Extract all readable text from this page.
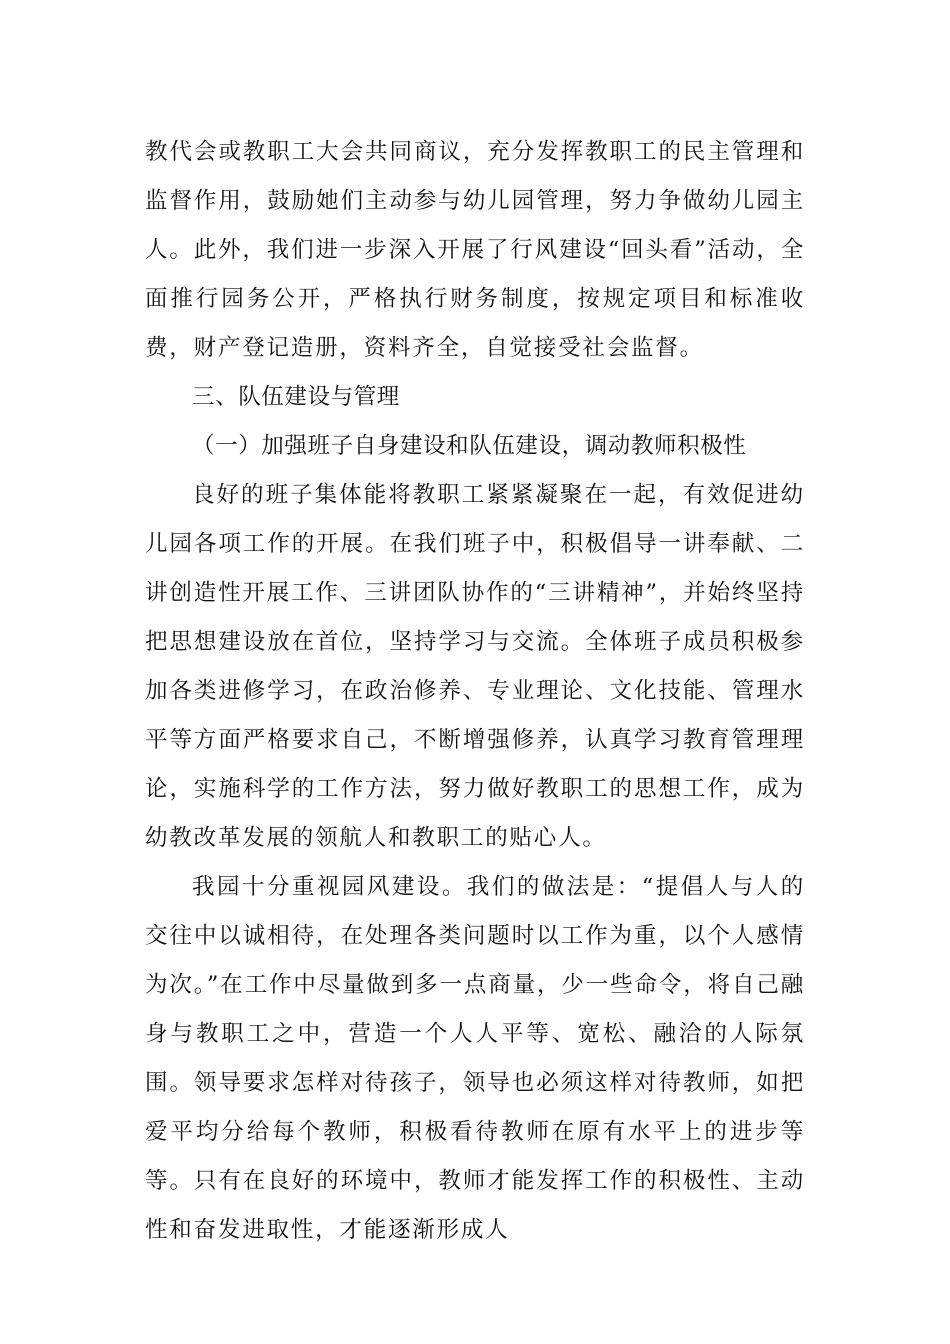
教代会或教职工大会共同商议，充分发挥教职工的民主管理和监督作用，鼓励她们主动参与幼儿园管理，努力争做幼儿园主人。此外，我们进一步深入开展了行风建设“回头看”活动，全面推行园务公开，严格执行财务制度，按规定项目和标准收费，财产登记造册，资料齐全，自觉接受社会监督。

三、队伍建设与管理

（一）加强班子自身建设和队伍建设，调动教师积极性

良好的班子集体能将教职工紧紧凝聚在一起，有效促进幼儿园各项工作的开展。在我们班子中，积极倡导一讲奉献、二讲创造性开展工作、三讲团队协作的“三讲精神”，并始终坚持把思想建设放在首位，坚持学习与交流。全体班子成员积极参加各类进修学习，在政治修养、专业理论、文化技能、管理水平等方面严格要求自己，不断增强修养，认真学习教育管理理论，实施科学的工作方法，努力做好教职工的思想工作，成为幼教改革发展的领航人和教职工的贴心人。

我园十分重视园风建设。我们的做法是：“提倡人与人的交往中以诚相待，在处理各类问题时以工作为重，以个人感情为次。”在工作中尽量做到多一点商量，少一些命令，将自己融身与教职工之中，营造一个人人平等、宽松、融洽的人际氛围。领导要求怎样对待孩子，领导也必须这样对待教师，如把爱平均分给每个教师，积极看待教师在原有水平上的进步等等。只有在良好的环境中，教师才能发挥工作的积极性、主动性和奋发进取性，才能逐渐形成人
